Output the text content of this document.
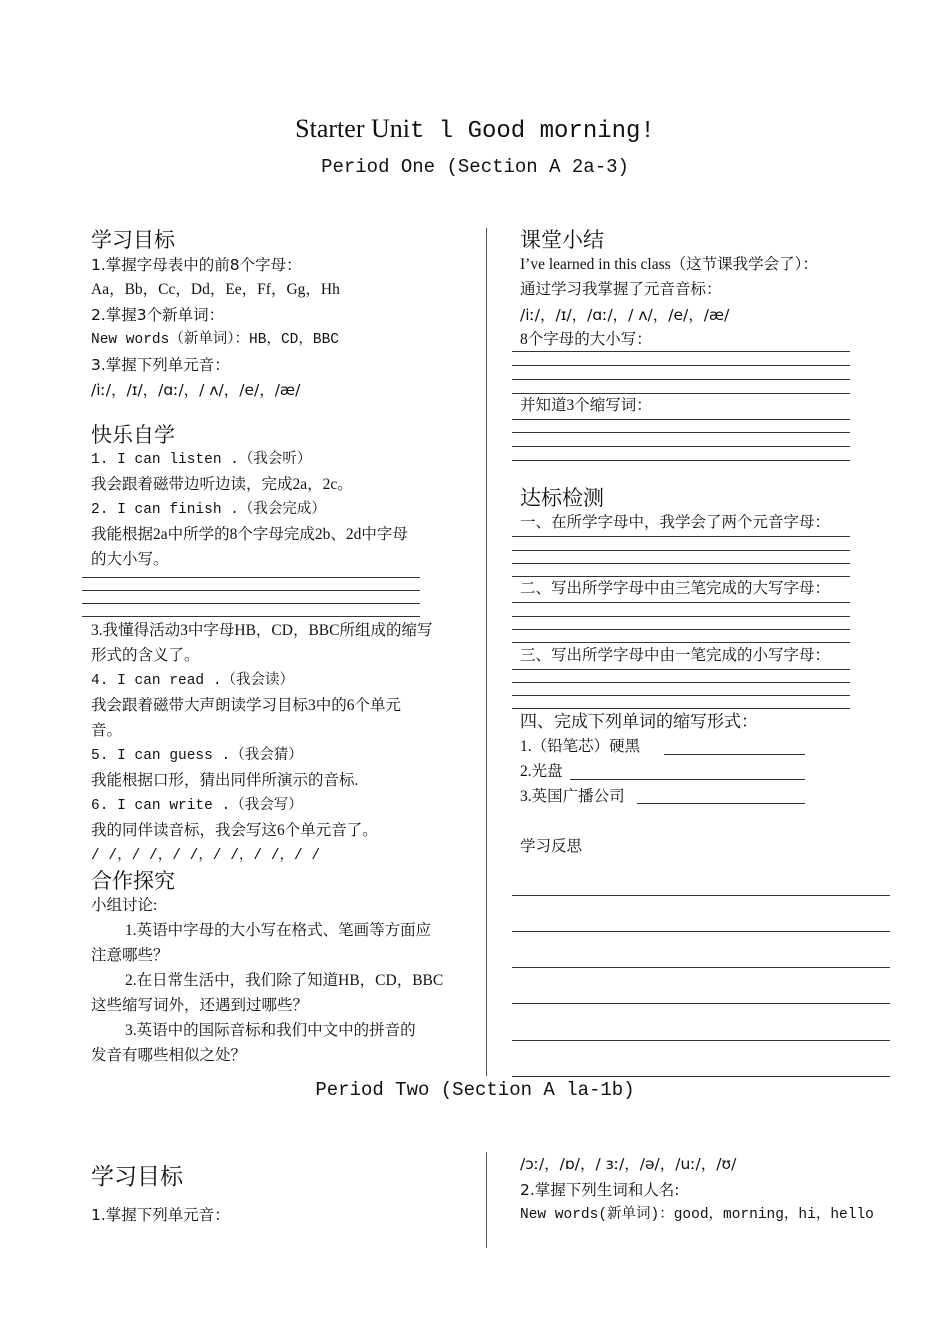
Starter Unit l Good morning!
Period One (Section A 2a-3)
学习目标
1.掌握字母表中的前8个字母：
Aa，Bb，Cc，Dd，Ee，Ff，Gg，Hh
2.掌握3个新单词：
New words（新单词）：HB，CD，BBC
3.掌握下列单元音：
/iː/，/ɪ/，/ɑː/，/ ʌ/，/e/，/æ/
快乐自学
1. I can listen .（我会听）
我会跟着磁带边听边读，完成2a，2c。
2. I can finish .（我会完成）
我能根据2a中所学的8个字母完成2b、2d中字母
的大小写。
3.我懂得活动3中字母HB，CD，BBC所组成的缩写
形式的含义了。
4. I can read .（我会读）
我会跟着磁带大声朗读学习目标3中的6个单元
音。
5. I can guess .（我会猜）
我能根据口形，猜出同伴所演示的音标.
6. I can write .（我会写）
我的同伴读音标，我会写这6个单元音了。
/ /，/ /，/ /，/ /，/ /，/ /
合作探究
小组讨论:
1.英语中字母的大小写在格式、笔画等方面应
注意哪些？
2.在日常生活中，我们除了知道HB，CD，BBC
这些缩写词外，还遇到过哪些？
3.英语中的国际音标和我们中文中的拼音的
发音有哪些相似之处？
课堂小结
I’ve learned in this class（这节课我学会了）：
通过学习我掌握了元音音标：
/iː/，/ɪ/，/ɑː/，/ ʌ/，/e/，/æ/
8个字母的大小写：
并知道3个缩写词：
达标检测
一、在所学字母中，我学会了两个元音字母：
二、写出所学字母中由三笔完成的大写字母：
三、写出所学字母中由一笔完成的小写字母：
四、完成下列单词的缩写形式：
1.（铅笔芯）硬黑
2.光盘
3.英国广播公司
学习反思
Period Two (Section A la-1b)
学习目标
1.掌握下列单元音：
/ɔː/，/ɒ/，/ ɜː/，/ə/，/uː/，/ʊ/
2.掌握下列生词和人名:
New words(新单词)：good，morning，hi，hello
